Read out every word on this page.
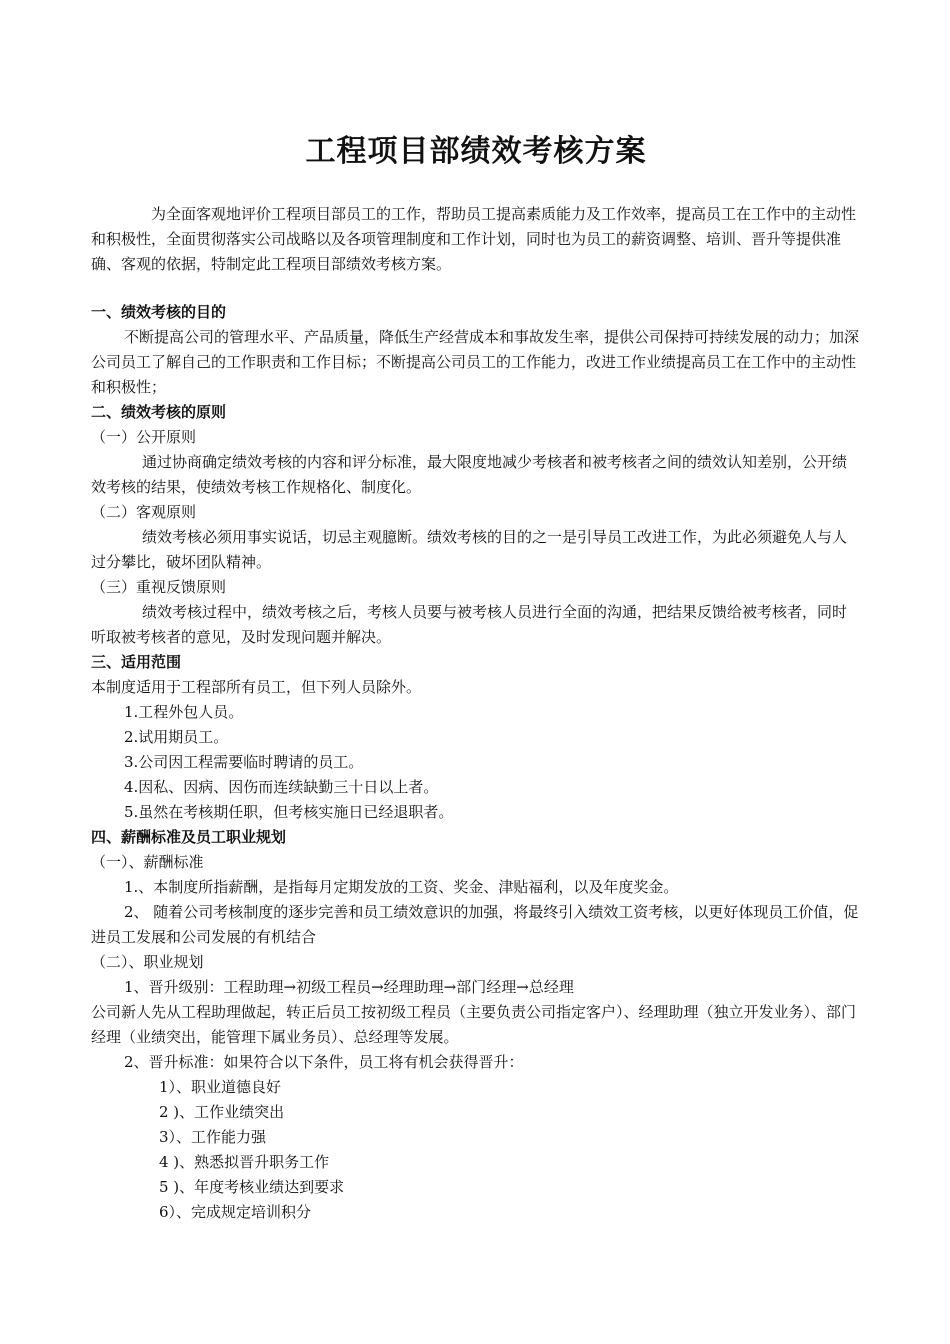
工程项目部绩效考核方案

为全面客观地评价工程项目部员工的工作，帮助员工提高素质能力及工作效率，提高员工在工作中的主动性和积极性，全面贯彻落实公司战略以及各项管理制度和工作计划，同时也为员工的薪资调整、培训、晋升等提供准确、客观的依据，特制定此工程项目部绩效考核方案。

一、绩效考核的目的

不断提高公司的管理水平、产品质量，降低生产经营成本和事故发生率，提供公司保持可持续发展的动力；加深公司员工了解自己的工作职责和工作目标；不断提高公司员工的工作能力，改进工作业绩提高员工在工作中的主动性和积极性；

二、绩效考核的原则

（一）公开原则

通过协商确定绩效考核的内容和评分标准，最大限度地减少考核者和被考核者之间的绩效认知差别，公开绩效考核的结果，使绩效考核工作规格化、制度化。

（二）客观原则

绩效考核必须用事实说话，切忌主观臆断。绩效考核的目的之一是引导员工改进工作，为此必须避免人与人过分攀比，破坏团队精神。

（三）重视反馈原则

绩效考核过程中，绩效考核之后，考核人员要与被考核人员进行全面的沟通，把结果反馈给被考核者，同时听取被考核者的意见，及时发现问题并解决。

三、适用范围

本制度适用于工程部所有员工，但下列人员除外。

1.工程外包人员。

2.试用期员工。

3.公司因工程需要临时聘请的员工。

4.因私、因病、因伤而连续缺勤三十日以上者。

5.虽然在考核期任职，但考核实施日已经退职者。

四、薪酬标准及员工职业规划

（一）、薪酬标准

1.、本制度所指薪酬，是指每月定期发放的工资、奖金、津贴福利，以及年度奖金。

2、 随着公司考核制度的逐步完善和员工绩效意识的加强，将最终引入绩效工资考核，以更好体现员工价值，促进员工发展和公司发展的有机结合

（二）、职业规划

1、晋升级别：工程助理→初级工程员→经理助理→部门经理→总经理

公司新人先从工程助理做起，转正后员工按初级工程员（主要负责公司指定客户）、经理助理（独立开发业务）、部门经理（业绩突出，能管理下属业务员）、总经理等发展。

2、晋升标准：如果符合以下条件，员工将有机会获得晋升：

1）、职业道德良好

2 )、工作业绩突出

3）、工作能力强

4 )、熟悉拟晋升职务工作

5 )、年度考核业绩达到要求

6）、完成规定培训积分
